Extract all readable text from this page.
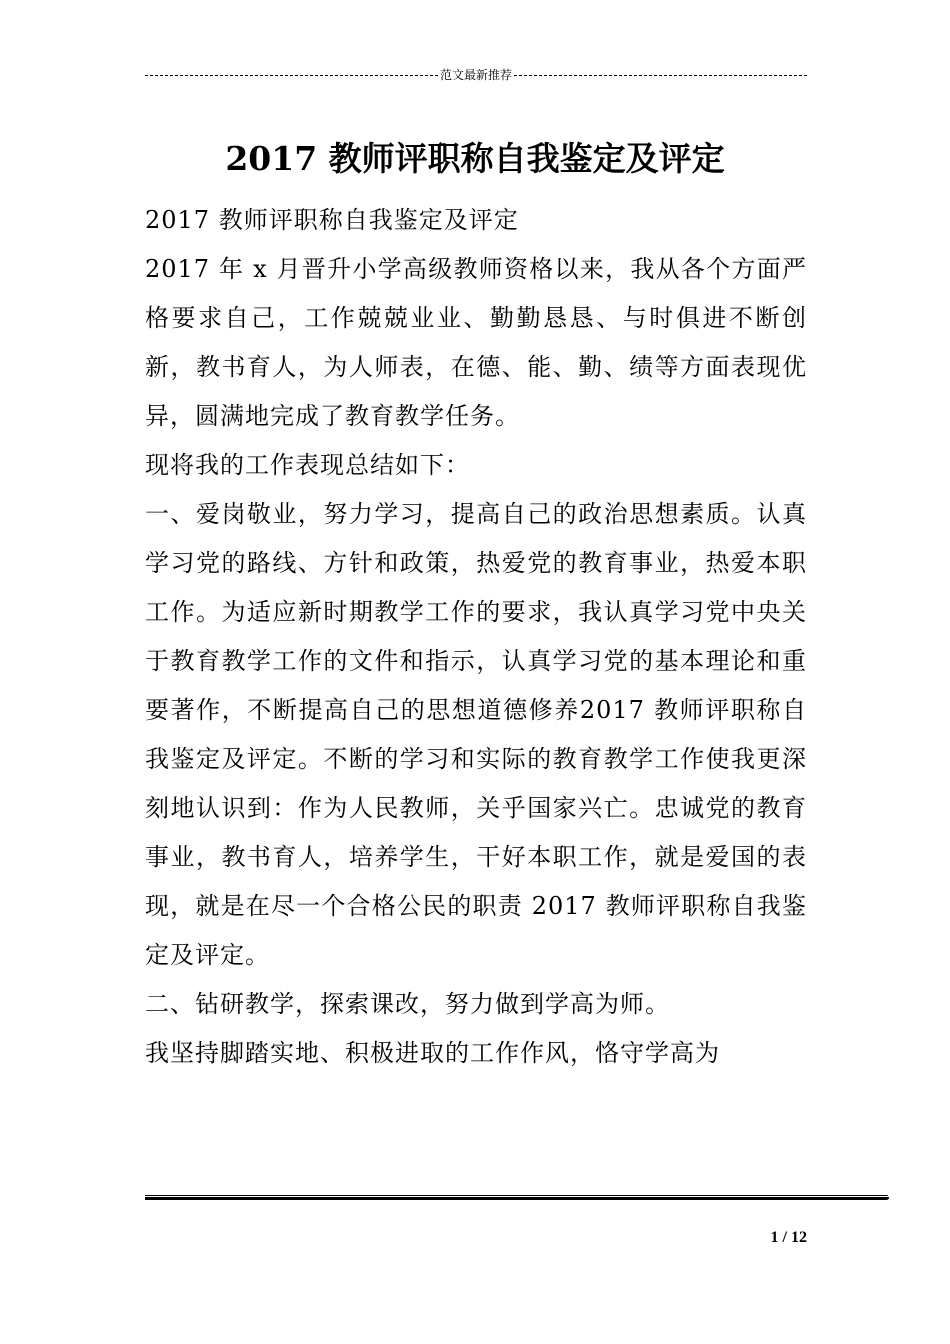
范文最新推荐
2017 教师评职称自我鉴定及评定

2017 教师评职称自我鉴定及评定

2017 年 x 月晋升小学高级教师资格以来，我从各个方面严格要求自己，工作兢兢业业、勤勤恳恳、与时俱进不断创新，教书育人，为人师表，在德、能、勤、绩等方面表现优异，圆满地完成了教育教学任务。

现将我的工作表现总结如下：

一、爱岗敬业，努力学习，提高自己的政治思想素质。认真学习党的路线、方针和政策，热爱党的教育事业，热爱本职工作。为适应新时期教学工作的要求，我认真学习党中央关于教育教学工作的文件和指示，认真学习党的基本理论和重要著作，不断提高自己的思想道德修养2017 教师评职称自我鉴定及评定。不断的学习和实际的教育教学工作使我更深刻地认识到：作为人民教师，关乎国家兴亡。忠诚党的教育事业，教书育人，培养学生，干好本职工作，就是爱国的表现，就是在尽一个合格公民的职责 2017 教师评职称自我鉴定及评定。

二、钻研教学，探索课改，努力做到学高为师。

我坚持脚踏实地、积极进取的工作作风，恪守学高为

1 / 12
